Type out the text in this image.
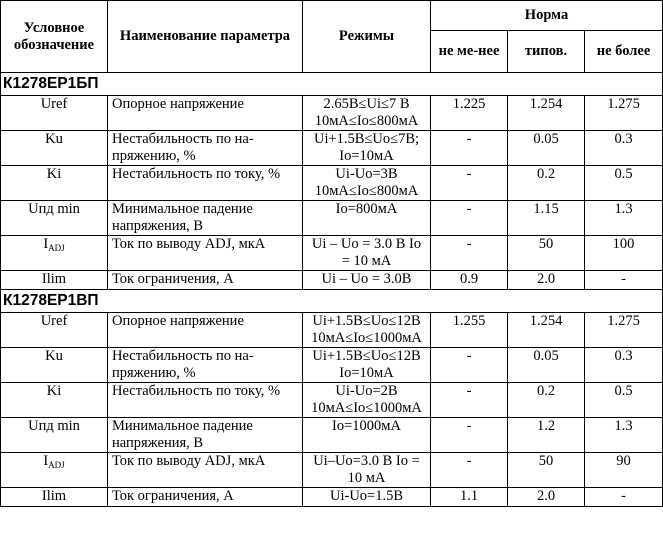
Условное обозначение	Наименование параметра	Режимы	Норма		
			не ме-нее	типов.	не более
К1278ЕР1БП					
Uref	Опорное напряжение	2.65В≤Ui≤7 В 10мА≤Io≤800мА	1.225	1.254	1.275
Ku	Нестабильность по на-пряжению, %	Ui+1.5В≤Uo≤7В; Io=10мА	-	0.05	0.3
Ki	Нестабильность по току, %	Ui-Uo=3В 10мА≤Io≤800мА	-	0.2	0.5
Uпд min	Минимальное падение напряжения, В	Io=800мА	-	1.15	1.3
$I_{ADJ}$	Ток по выводу ADJ, мкА	Ui – Uo = 3.0 В Io = 10 мА	-	50	100
Ilim	Ток ограничения, А	Ui – Uo = 3.0В	0.9	2.0	-
К1278ЕР1ВП					
Uref	Опорное напряжение	Ui+1.5В≤Uo≤12В 10мА≤Io≤1000мА	1.255	1.254	1.275
Ku	Нестабильность по на-пряжению, %	Ui+1.5В≤Uo≤12В Io=10мА	-	0.05	0.3
Ki	Нестабильность по току, %	Ui-Uo=2В 10мА≤Io≤1000мА	-	0.2	0.5
Uпд min	Минимальное падение напряжения, В	Io=1000мА	-	1.2	1.3
$I_{ADJ}$	Ток по выводу ADJ, мкА	Ui–Uo=3.0 В Io = 10 мА	-	50	90
Ilim	Ток ограничения, А	Ui-Uo=1.5В	1.1	2.0	-
